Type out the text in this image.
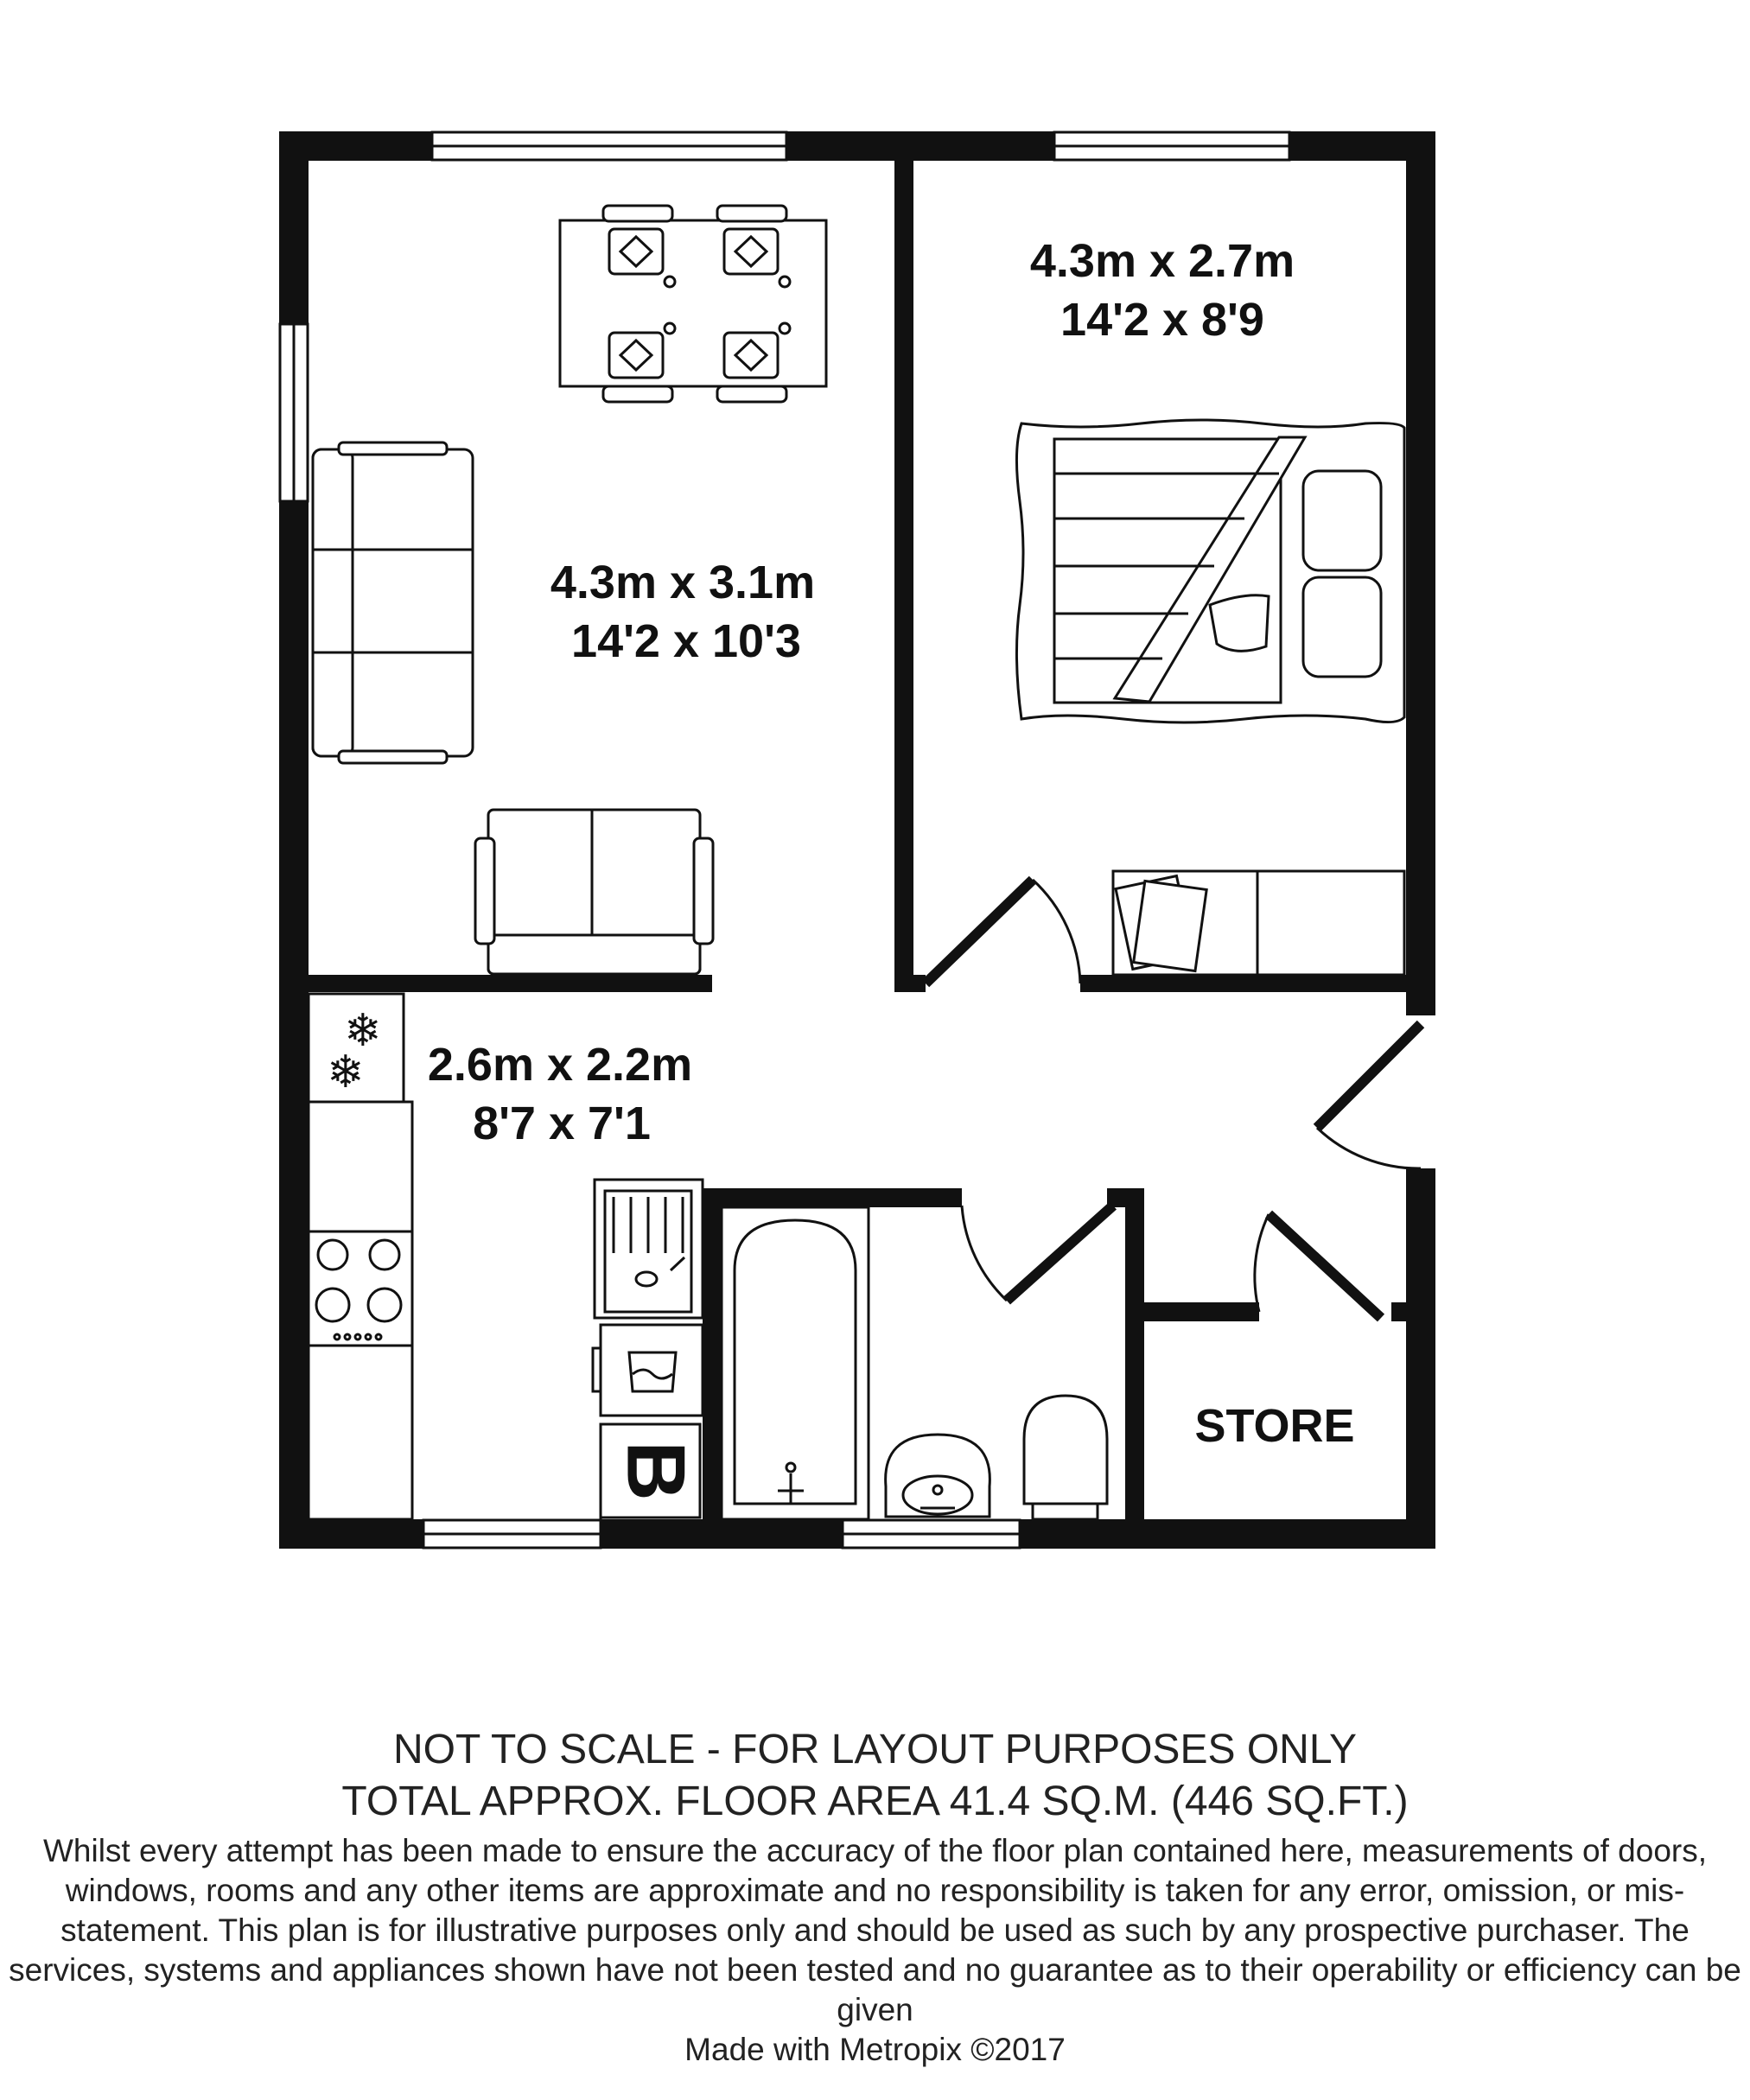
❄
❄
4.3m x 3.1m
14'2 x 10'3
4.3m x 2.7m
14'2 x 8'9
2.6m x 2.2m
8'7 x 7'1
STORE
B

NOT TO SCALE - FOR LAYOUT PURPOSES ONLY

TOTAL APPROX. FLOOR AREA 41.4 SQ.M. (446 SQ.FT.)

Whilst every attempt has been made to ensure the accuracy of the floor plan contained here, measurements of doors, windows, rooms and any other items are approximate and no responsibility is taken for any error, omission, or mis-statement. This plan is for illustrative purposes only and should be used as such by any prospective purchaser. The services, systems and appliances shown have not been tested and no guarantee as to their operability or efficiency can be given

Made with Metropix ©2017
